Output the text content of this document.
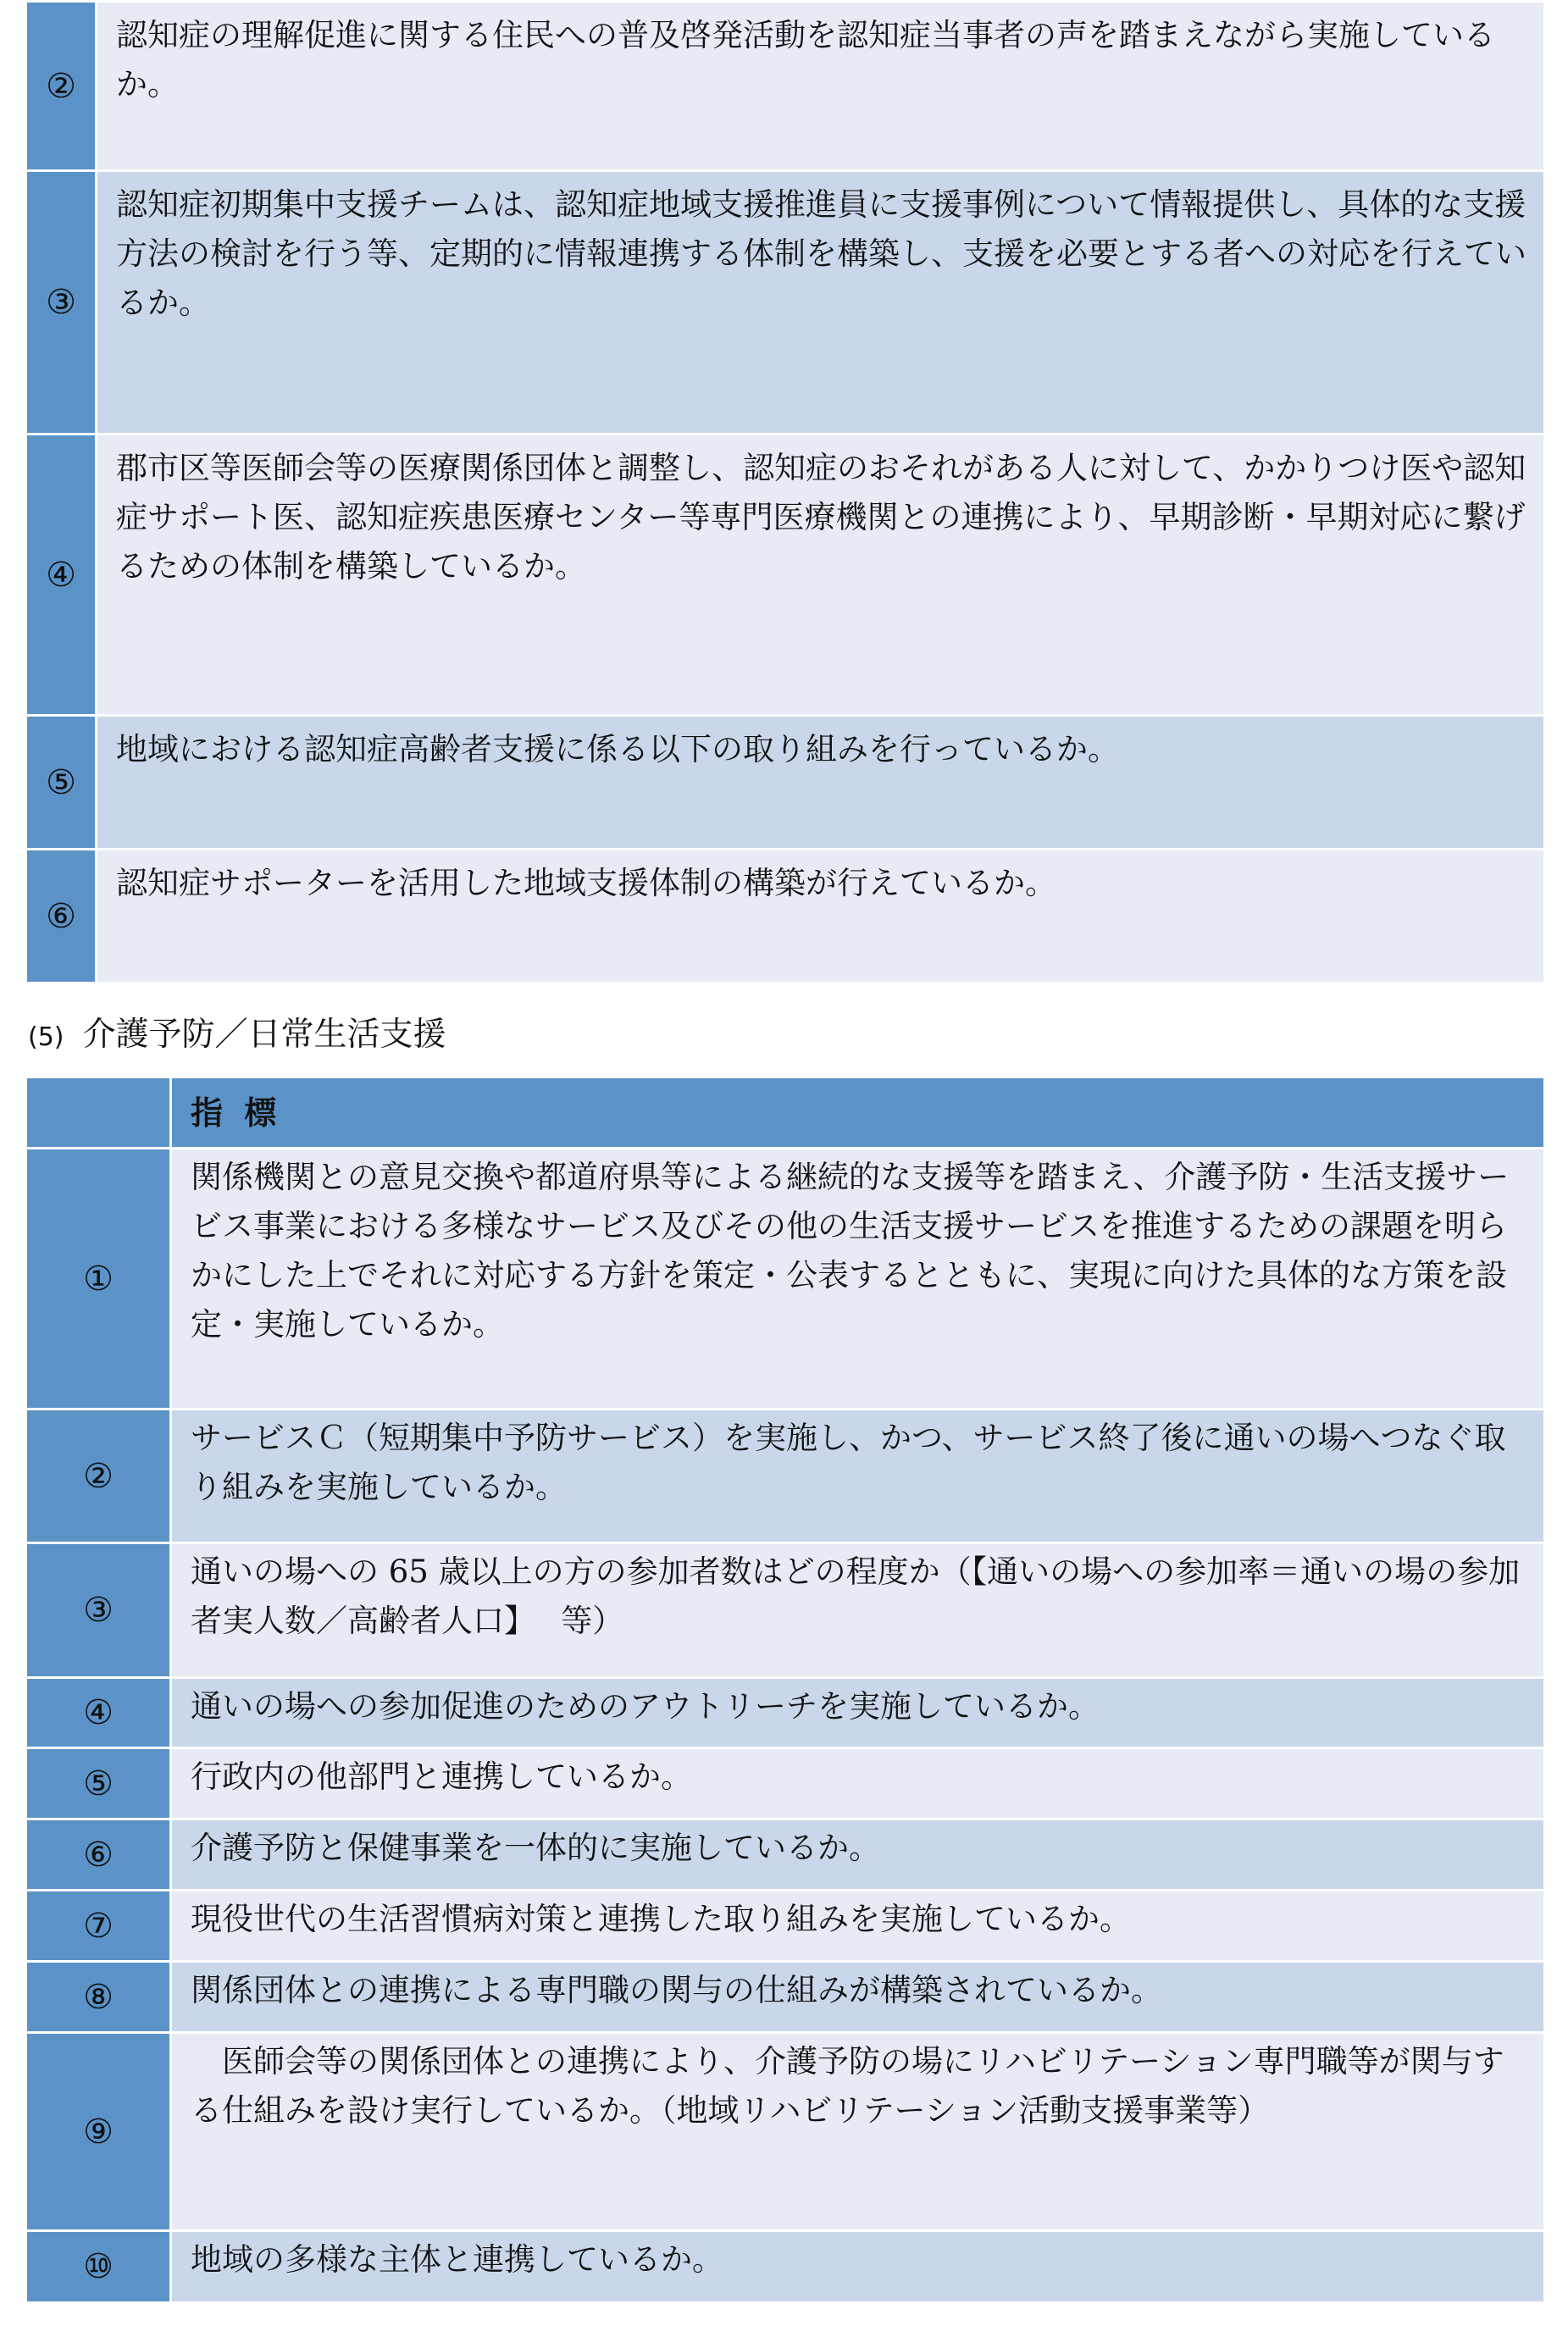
②	認知症の理解促進に関する住民への普及啓発活動を認知症当事者の声を踏まえながら実施しているか。
③	認知症初期集中支援チームは、認知症地域支援推進員に支援事例について情報提供し、具体的な支援方法の検討を行う等、定期的に情報連携する体制を構築し、支援を必要とする者への対応を行えているか。
④	郡市区等医師会等の医療関係団体と調整し、認知症のおそれがある人に対して、かかりつけ医や認知症サポート医、認知症疾患医療センター等専門医療機関との連携により、早期診断・早期対応に繋げるための体制を構築しているか。
⑤	地域における認知症高齢者支援に係る以下の取り組みを行っているか。
⑥	認知症サポーターを活用した地域支援体制の構築が行えているか。
(5) 介護予防／日常生活支援
	指 標
①	関係機関との意見交換や都道府県等による継続的な支援等を踏まえ、介護予防・生活支援サービス事業における多様なサービス及びその他の生活支援サービスを推進するための課題を明らかにした上でそれに対応する方針を策定・公表するとともに、実現に向けた具体的な方策を設定・実施しているか。
②	サービスＣ（短期集中予防サービス）を実施し、かつ、サービス終了後に通いの場へつなぐ取り組みを実施しているか。
③	通いの場への 65 歳以上の方の参加者数はどの程度か（【通いの場への参加率＝通いの場の参加者実人数／高齢者人口】　 等）
④	通いの場への参加促進のためのアウトリーチを実施しているか。
⑤	行政内の他部門と連携しているか。
⑥	介護予防と保健事業を一体的に実施しているか。
⑦	現役世代の生活習慣病対策と連携した取り組みを実施しているか。
⑧	関係団体との連携による専門職の関与の仕組みが構築されているか。
⑨	　医師会等の関係団体との連携により、介護予防の場にリハビリテーション専門職等が関与する仕組みを設け実行しているか。（地域リハビリテーション活動支援事業等）
⑩	地域の多様な主体と連携しているか。
